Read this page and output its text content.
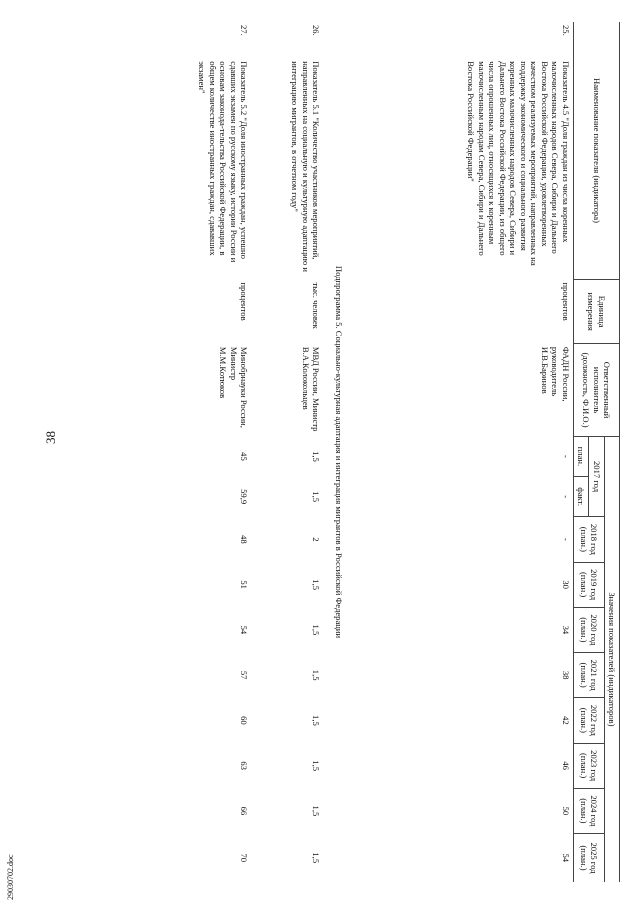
38
29030702.doc
Наименование показателя (индикатора)		Единица измерения	Ответственный исполнитель (должность, Ф.И.О.)	Значения показателей (индикаторов)									
				2017 год		2018 год (план.)	2019 год (план.)	2020 год (план.)	2021 год (план.)	2022 год (план.)	2023 год (план.)	2024 год (план.)	2025 год (план.)
				план.	факт.								
25.	Показатель 4.5 "Доля граждан из числа коренных малочисленных народов Севера, Сибири и Дальнего Востока Российской Федерации, удовлетворенных качеством реализуемых мероприятий, направленных на поддержку экономического и социального развития коренных малочисленных народов Севера, Сибири и Дальнего Востока Российской Федерации, из общего числа опрошенных лиц, относящихся к коренным малочисленным народам Севера, Сибири и Дальнего Востока Российской Федерации"	процентов	ФАДН России, руководитель И.В.Баринов	-	-	-	30	34	38	42	46	50	54
Подпрограмма 5. Социально-культурная адаптация и интеграция мигрантов в Российской Федерации													
26.	Показатель 5.1 "Количество участников мероприятий, направленных на социальную и культурную адаптацию и интеграцию мигрантов, в отчетном году"	тыс. человек	МВД России, Министр В.А.Колокольцев	1,5	1,5	2	1,5	1,5	1,5	1,5	1,5	1,5	1,5
27.	Показатель 5.2 "Доля иностранных граждан, успешно сдавших экзамен по русскому языку, истории России и основам законода-тельства Российской Федерации, в общем количестве иностранных граждан, сдававших экзамен"	процентов	Минобрнауки России, Министр М.М.Котюков	45	59,9	48	51	54	57	60	63	66	70
